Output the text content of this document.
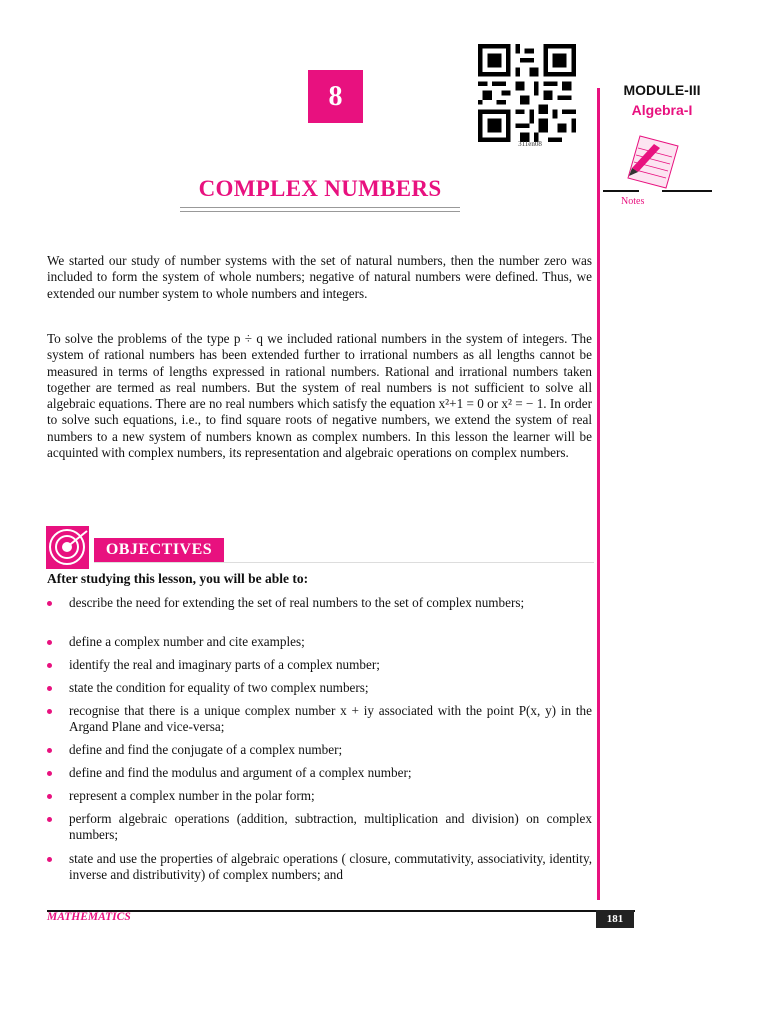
8
311en08
COMPLEX NUMBERS
MODULE-III
Algebra-I
Notes
We started our study of number systems with the set of natural numbers, then the number zero was included to form the system of whole numbers; negative of natural numbers were defined. Thus, we extended our number system to whole numbers and integers.
To solve the problems of the type p ÷ q we included rational numbers in the system of integers. The system of rational numbers has been extended further to irrational numbers as all lengths cannot be measured in terms of lengths expressed in rational numbers. Rational and irrational numbers taken together are termed as real numbers. But the system of real numbers is not sufficient to solve all algebraic equations. There are no real numbers which satisfy the equation x²+1 = 0 or x² = − 1. In order to solve such equations, i.e., to find square roots of negative numbers, we extend the system of real numbers to a new system of numbers known as complex numbers. In this lesson the learner will be acquinted with complex numbers, its representation and algebraic operations on complex numbers.
OBJECTIVES
After studying this lesson, you will be able to:
describe the need for extending the set of real numbers to the set of complex numbers;
define a complex number and cite examples;
identify the real and imaginary parts of a complex number;
state the condition for equality of two complex numbers;
recognise that there is a unique complex number x + iy associated with the point P(x, y) in the Argand Plane and vice-versa;
define and find the conjugate of a complex number;
define and find the modulus and argument of a complex number;
represent a complex number in the polar form;
perform algebraic operations (addition, subtraction, multiplication and division) on complex numbers;
state and use the properties of algebraic operations ( closure, commutativity, associativity, identity, inverse and distributivity) of complex numbers; and
MATHEMATICS	181
